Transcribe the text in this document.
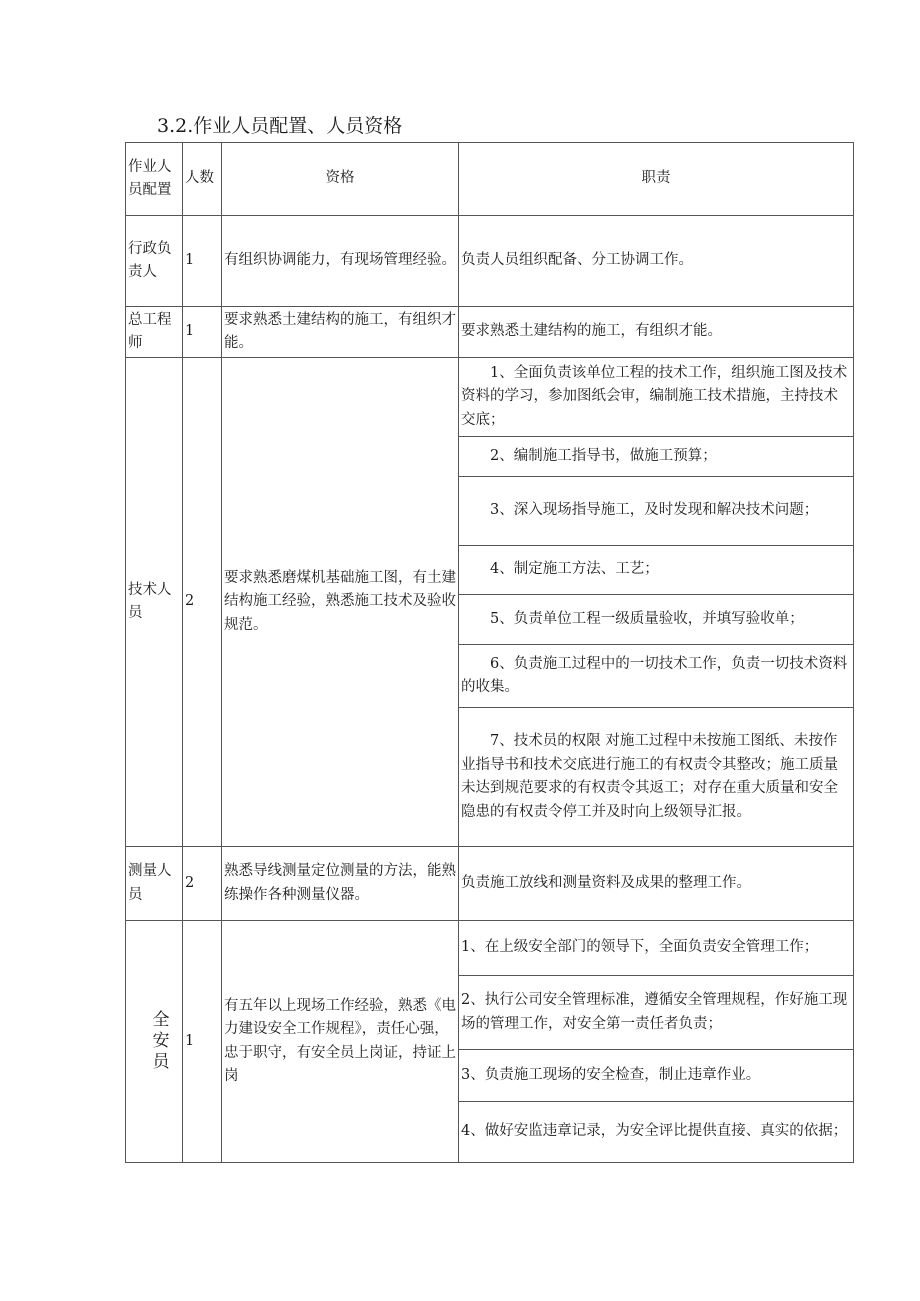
3.2.作业人员配置、人员资格
作业人员配置	人数	资格	职责
行政负责人	1	有组织协调能力，有现场管理经验。	负责人员组织配备、分工协调工作。
总工程师	1	要求熟悉土建结构的施工，有组织才能。	要求熟悉土建结构的施工，有组织才能。
技术人员	2	要求熟悉磨煤机基础施工图，有土建结构施工经验，熟悉施工技术及验收规范。	1、全面负责该单位工程的技术工作，组织施工图及技术资料的学习，参加图纸会审，编制施工技术措施，主持技术交底；
			2、编制施工指导书，做施工预算；
			3、深入现场指导施工，及时发现和解决技术问题；
			4、制定施工方法、工艺；
			5、负责单位工程一级质量验收，并填写验收单；
			6、负责施工过程中的一切技术工作，负责一切技术资料的收集。
			7、技术员的权限 对施工过程中未按施工图纸、未按作业指导书和技术交底进行施工的有权责令其整改；施工质量未达到规范要求的有权责令其返工；对存在重大质量和安全隐患的有权责令停工并及时向上级领导汇报。
测量人员	2	熟悉导线测量定位测量的方法，能熟练操作各种测量仪器。	负责施工放线和测量资料及成果的整理工作。

全安员	1	有五年以上现场工作经验，熟悉《电力建设安全工作规程》，责任心强，忠于职守，有安全员上岗证，持证上岗	1、在上级安全部门的领导下，全面负责安全管理工作；
			2、执行公司安全管理标准，遵循安全管理规程，作好施工现场的管理工作，对安全第一责任者负责；
			3、负责施工现场的安全检查，制止违章作业。
			4、做好安监违章记录，为安全评比提供直接、真实的依据；
